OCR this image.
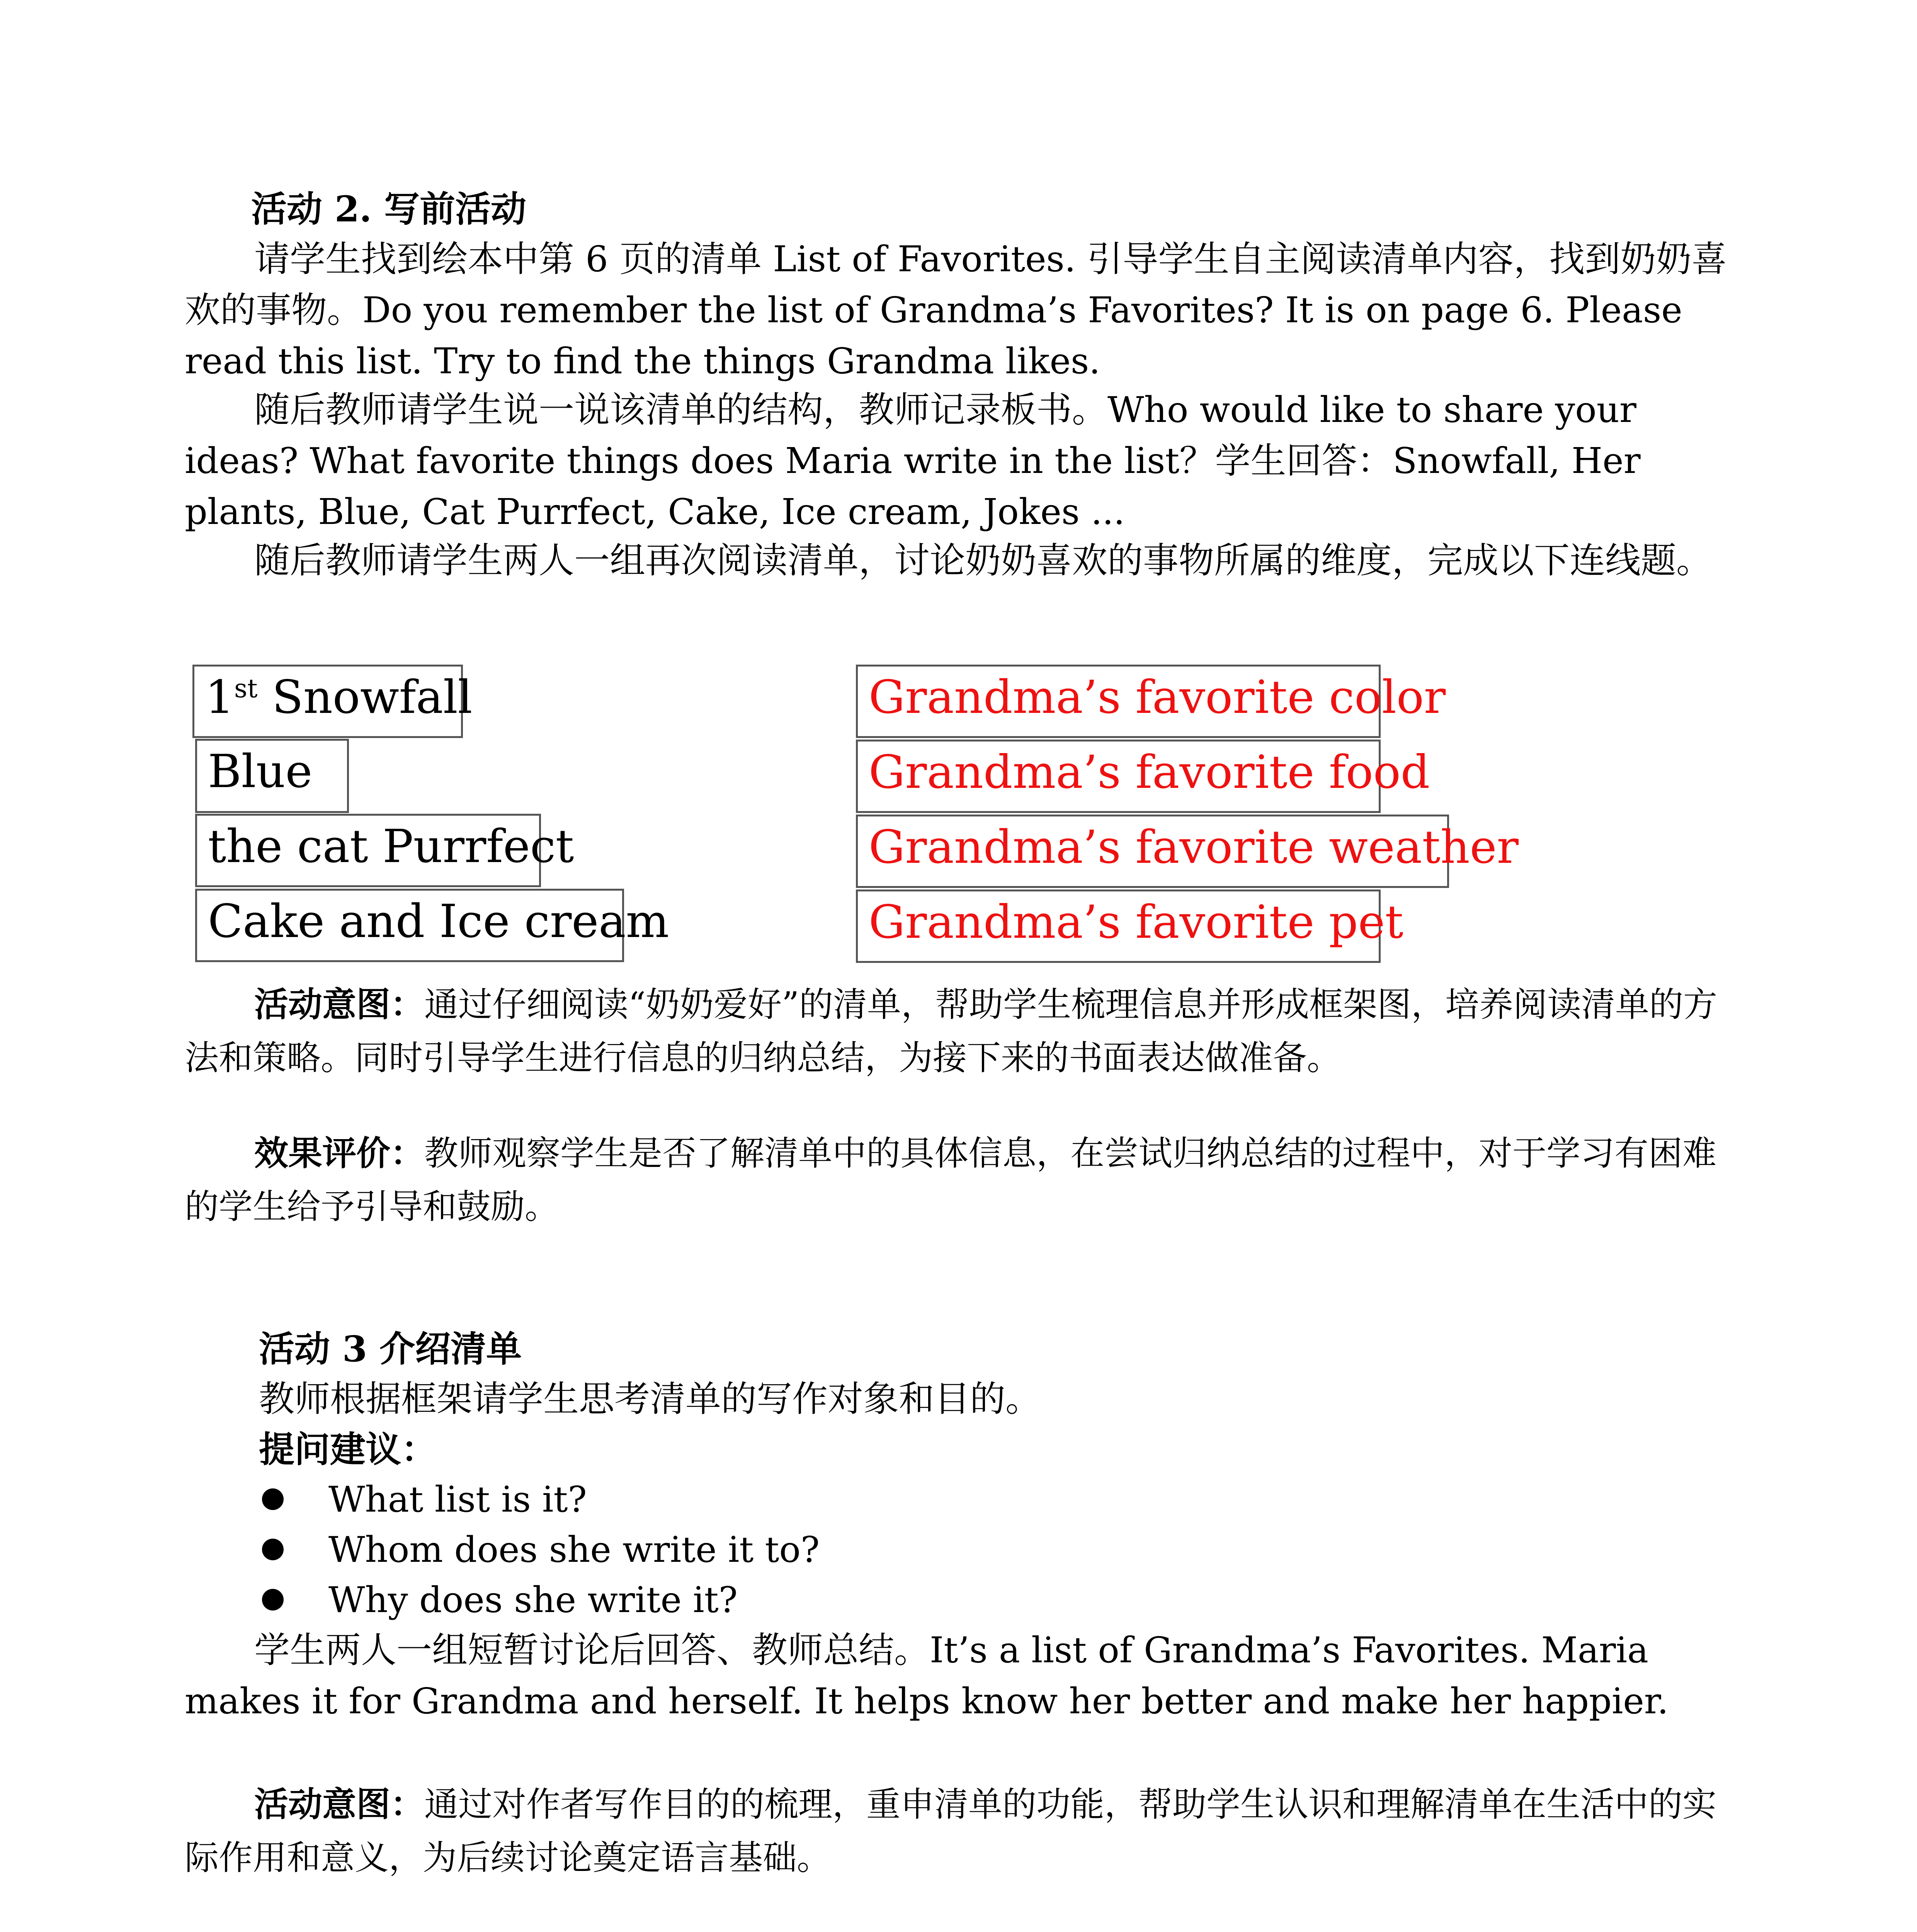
活动 2. 写前活动

请学生找到绘本中第 6 页的清单 List of Favorites. 引导学生自主阅读清单内容，找到奶奶喜欢的事物。Do you remember the list of Grandma’s Favorites? It is on page 6. Please read this list. Try to find the things Grandma likes.

随后教师请学生说一说该清单的结构，教师记录板书。Who would like to share your ideas? What favorite things does Maria write in the list？学生回答：Snowfall, Her plants, Blue, Cat Purrfect, Cake, Ice cream, Jokes ...

随后教师请学生两人一组再次阅读清单，讨论奶奶喜欢的事物所属的维度，完成以下连线题。

1st Snowfall
Blue
the cat Purrfect
Cake and Ice cream
Grandma’s favorite color
Grandma’s favorite food
Grandma’s favorite weather
Grandma’s favorite pet

活动意图：通过仔细阅读“奶奶爱好”的清单，帮助学生梳理信息并形成框架图，培养阅读清单的方法和策略。同时引导学生进行信息的归纳总结，为接下来的书面表达做准备。

效果评价：教师观察学生是否了解清单中的具体信息，在尝试归纳总结的过程中，对于学习有困难的学生给予引导和鼓励。

活动 3 介绍清单

教师根据框架请学生思考清单的写作对象和目的。

提问建议：
What list is it?
Whom does she write it to?
Why does she write it?

学生两人一组短暂讨论后回答、教师总结。It’s a list of Grandma’s Favorites. Maria makes it for Grandma and herself. It helps know her better and make her happier.

活动意图：通过对作者写作目的的梳理，重申清单的功能，帮助学生认识和理解清单在生活中的实际作用和意义，为后续讨论奠定语言基础。
